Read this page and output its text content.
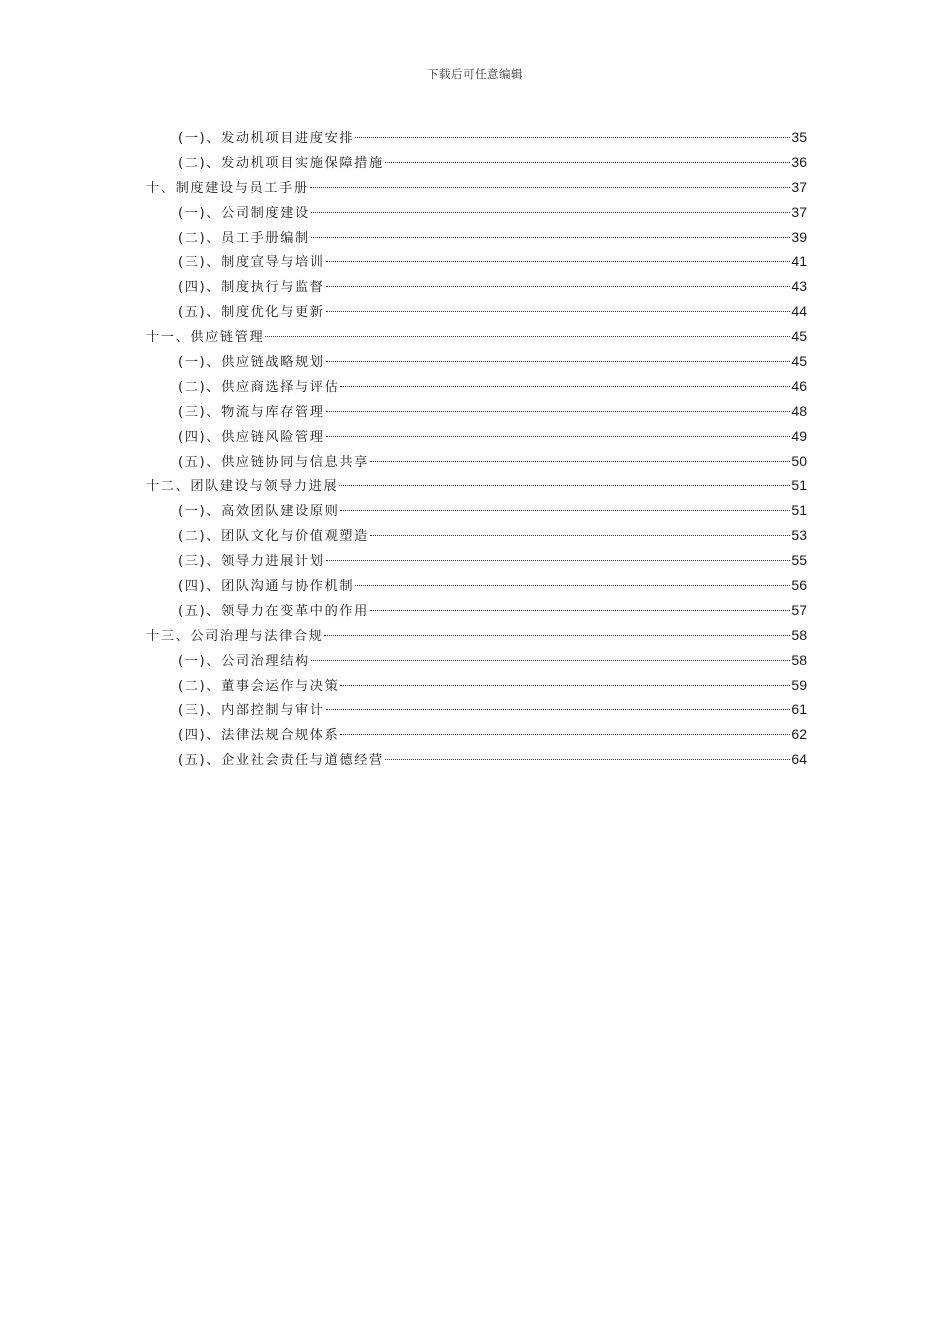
下载后可任意编辑
(一)、发动机项目进度安排	35
(二)、发动机项目实施保障措施	36
十、制度建设与员工手册	37
(一)、公司制度建设	37
(二)、员工手册编制	39
(三)、制度宣导与培训	41
(四)、制度执行与监督	43
(五)、制度优化与更新	44
十一、供应链管理	45
(一)、供应链战略规划	45
(二)、供应商选择与评估	46
(三)、物流与库存管理	48
(四)、供应链风险管理	49
(五)、供应链协同与信息共享	50
十二、团队建设与领导力进展	51
(一)、高效团队建设原则	51
(二)、团队文化与价值观塑造	53
(三)、领导力进展计划	55
(四)、团队沟通与协作机制	56
(五)、领导力在变革中的作用	57
十三、公司治理与法律合规	58
(一)、公司治理结构	58
(二)、董事会运作与决策	59
(三)、内部控制与审计	61
(四)、法律法规合规体系	62
(五)、企业社会责任与道德经营	64
